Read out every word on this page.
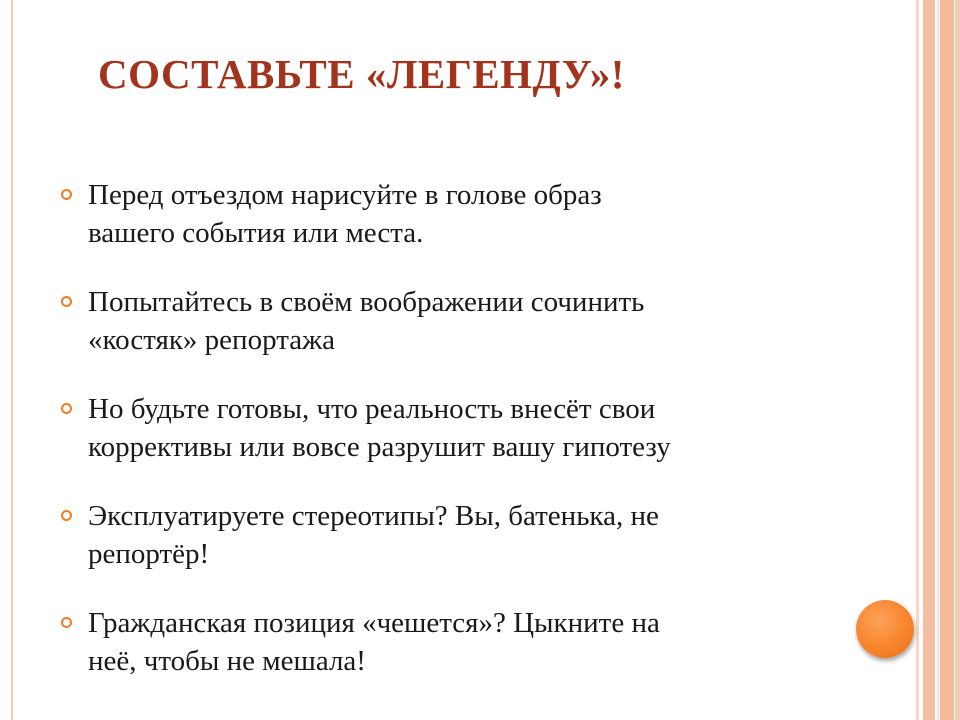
СОСТАВЬТЕ «ЛЕГЕНДУ»!
Перед отъездом нарисуйте в голове образ
вашего события или места.
Попытайтесь в своём воображении сочинить
«костяк» репортажа
Но будьте готовы, что реальность внесёт свои
коррективы или вовсе разрушит вашу гипотезу
Эксплуатируете стереотипы? Вы, батенька, не
репортёр!
Гражданская позиция «чешется»? Цыкните на
неё, чтобы не мешала!
